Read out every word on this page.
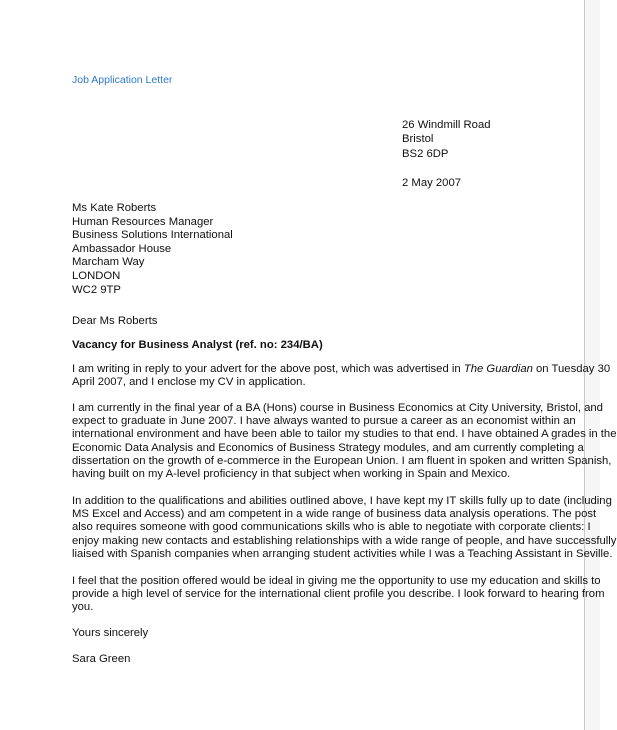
Job Application Letter
26 Windmill Road
Bristol
BS2 6DP
2 May 2007
Ms Kate Roberts
Human Resources Manager
Business Solutions International
Ambassador House
Marcham Way
LONDON
WC2 9TP
Dear Ms Roberts
Vacancy for Business Analyst (ref. no: 234/BA)
I am writing in reply to your advert for the above post, which was advertised in The Guardian on Tuesday 30
April 2007, and I enclose my CV in application.
I am currently in the final year of a BA (Hons) course in Business Economics at City University, Bristol, and
expect to graduate in June 2007. I have always wanted to pursue a career as an economist within an
international environment and have been able to tailor my studies to that end. I have obtained A grades in the
Economic Data Analysis and Economics of Business Strategy modules, and am currently completing a
dissertation on the growth of e-commerce in the European Union. I am fluent in spoken and written Spanish,
having built on my A-level proficiency in that subject when working in Spain and Mexico.
In addition to the qualifications and abilities outlined above, I have kept my IT skills fully up to date (including
MS Excel and Access) and am competent in a wide range of business data analysis operations. The post
also requires someone with good communications skills who is able to negotiate with corporate clients: I
enjoy making new contacts and establishing relationships with a wide range of people, and have successfully
liaised with Spanish companies when arranging student activities while I was a Teaching Assistant in Seville.
I feel that the position offered would be ideal in giving me the opportunity to use my education and skills to
provide a high level of service for the international client profile you describe. I look forward to hearing from
you.
Yours sincerely
Sara Green
